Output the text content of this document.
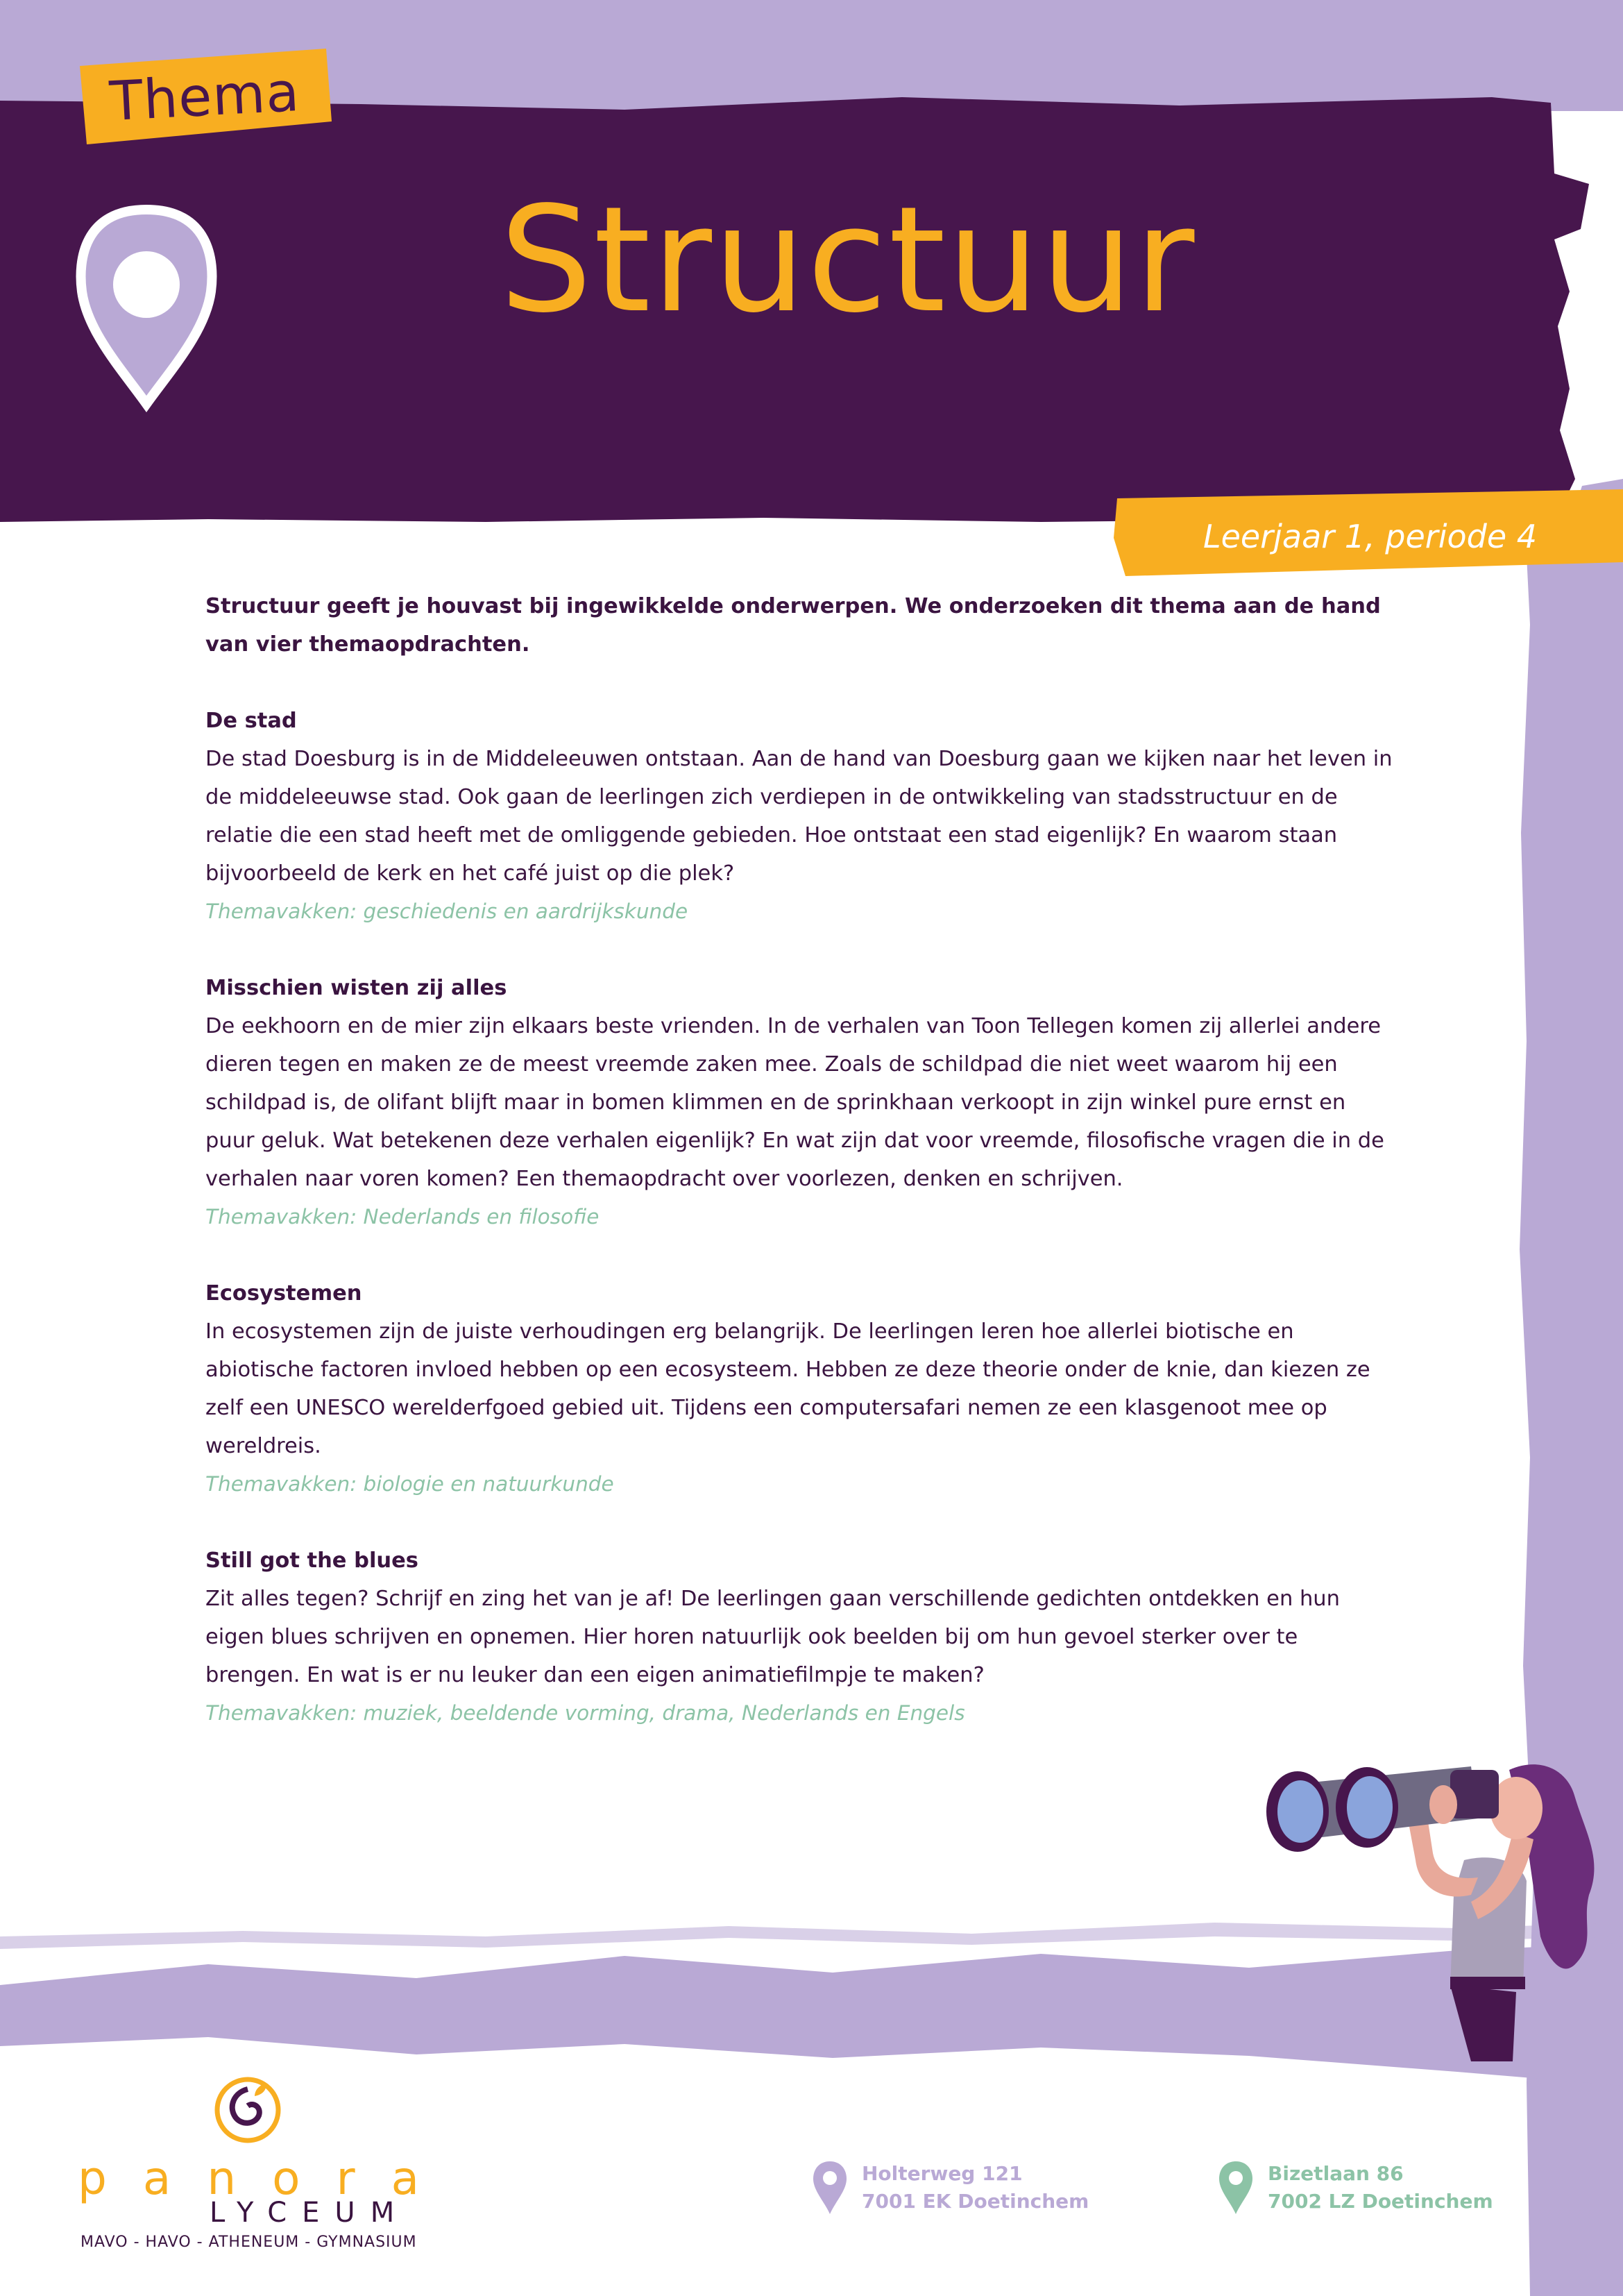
Thema
Structuur
Leerjaar 1, periode 4

Structuur geeft je houvast bij ingewikkelde onderwerpen. We onderzoeken dit thema aan de hand van vier themaopdrachten.

De stad

De stad Doesburg is in de Middeleeuwen ontstaan. Aan de hand van Doesburg gaan we kijken naar het leven in de middeleeuwse stad. Ook gaan de leerlingen zich verdiepen in de ontwikkeling van stadsstructuur en de relatie die een stad heeft met de omliggende gebieden. Hoe ontstaat een stad eigenlijk? En waarom staan bijvoorbeeld de kerk en het café juist op die plek?

Themavakken: geschiedenis en aardrijkskunde

Misschien wisten zij alles

De eekhoorn en de mier zijn elkaars beste vrienden. In de verhalen van Toon Tellegen komen zij allerlei andere dieren tegen en maken ze de meest vreemde zaken mee. Zoals de schildpad die niet weet waarom hij een schildpad is, de olifant blijft maar in bomen klimmen en de sprinkhaan verkoopt in zijn winkel pure ernst en puur geluk. Wat betekenen deze verhalen eigenlijk? En wat zijn dat voor vreemde, filosofische vragen die in de verhalen naar voren komen? Een themaopdracht over voorlezen, denken en schrijven.

Themavakken: Nederlands en filosofie

Ecosystemen

In ecosystemen zijn de juiste verhoudingen erg belangrijk. De leerlingen leren hoe allerlei biotische en abiotische factoren invloed hebben op een ecosysteem. Hebben ze deze theorie onder de knie, dan kiezen ze zelf een UNESCO werelderfgoed gebied uit. Tijdens een computersafari nemen ze een klasgenoot mee op wereldreis.

Themavakken: biologie en natuurkunde

Still got the blues

Zit alles tegen? Schrijf en zing het van je af! De leerlingen gaan verschillende gedichten ontdekken en hun eigen blues schrijven en opnemen. Hier horen natuurlijk ook beelden bij om hun gevoel sterker over te brengen. En wat is er nu leuker dan een eigen animatiefilmpje te maken?

Themavakken: muziek, beeldende vorming, drama, Nederlands en Engels

panora
LYCEUM
MAVO - HAVO - ATHENEUM - GYMNASIUM
Holterweg 121
7001 EK Doetinchem
Bizetlaan 86
7002 LZ Doetinchem
